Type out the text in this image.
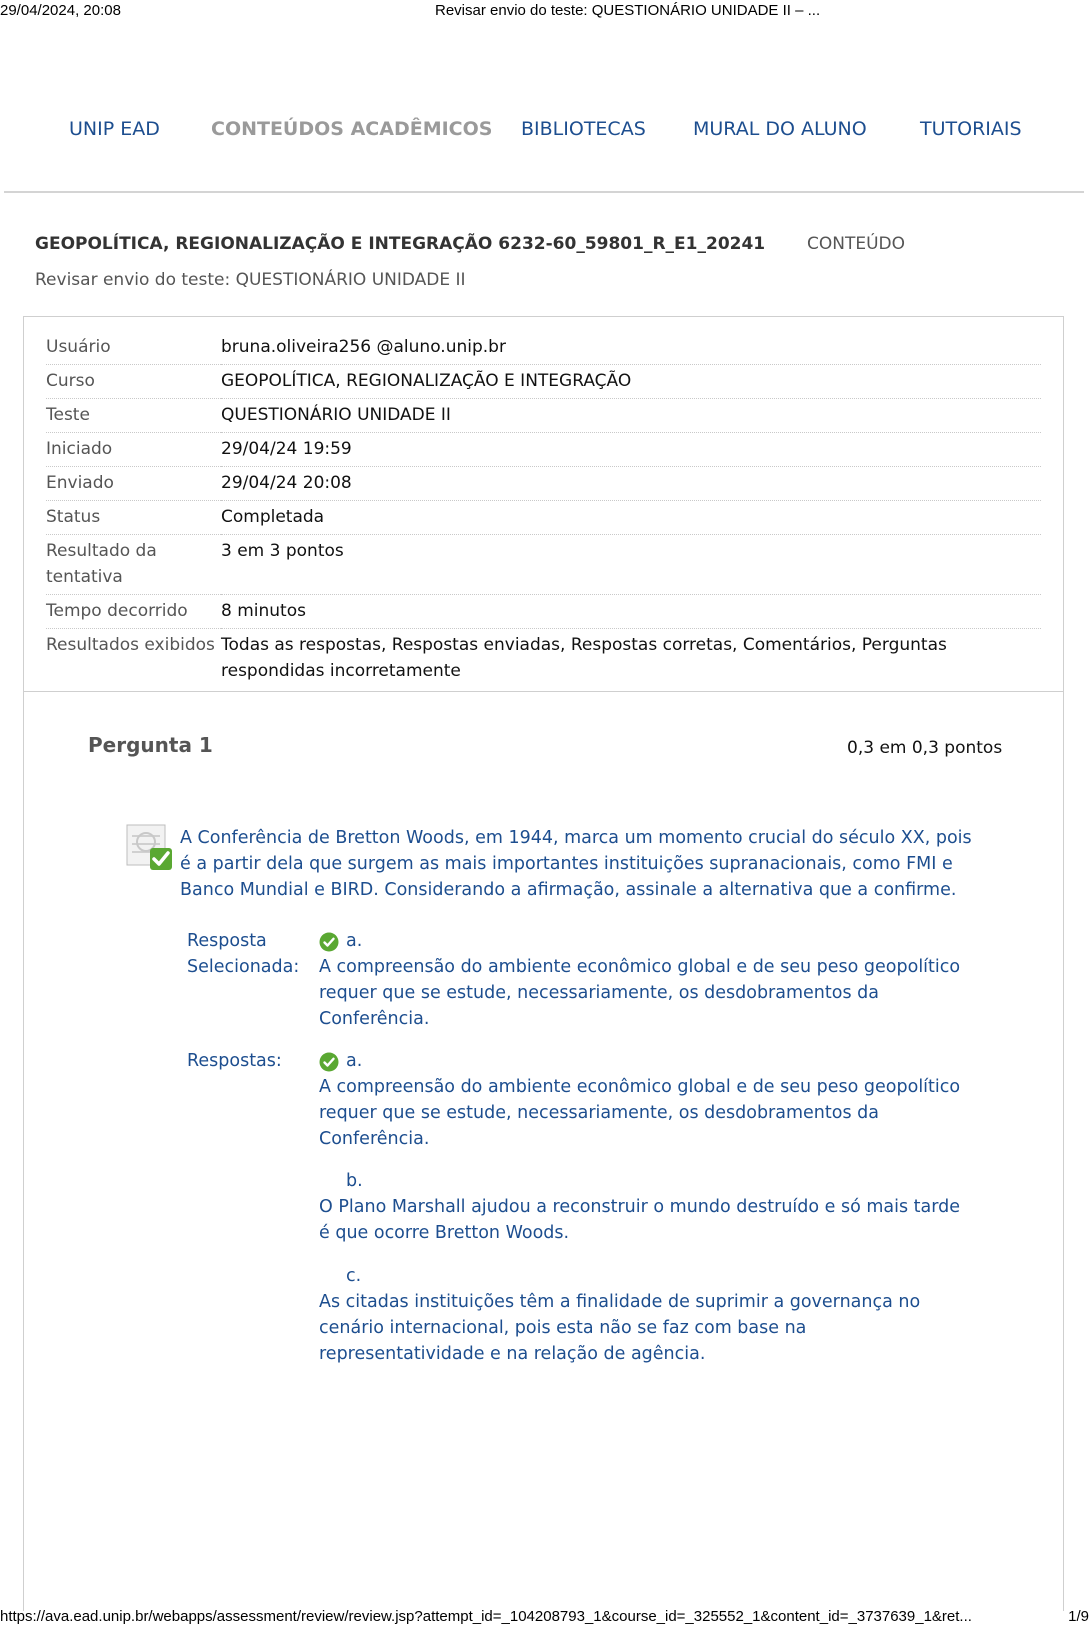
29/04/2024, 20:08	Revisar envio do teste: QUESTIONÁRIO UNIDADE II – ...
UNIP EAD	CONTEÚDOS ACADÊMICOS BIBLIOTECAS MURAL DO ALUNO	TUTORIAIS
GEOPOLÍTICA, REGIONALIZAÇÃO E INTEGRAÇÃO 6232-60_59801_R_E1_20241 CONTEÚDO
Revisar envio do teste: QUESTIONÁRIO UNIDADE II
Usuário	bruna.oliveira256 @aluno.unip.br
Curso	GEOPOLÍTICA, REGIONALIZAÇÃO E INTEGRAÇÃO
Teste	QUESTIONÁRIO UNIDADE II
Iniciado	29/04/24 19:59
Enviado	29/04/24 20:08
Status	Completada
Resultado da tentativa	3 em 3 pontos
Tempo decorrido	8 minutos
Resultados exibidos	Todas as respostas, Respostas enviadas, Respostas corretas, Comentários, Perguntas respondidas incorretamente
Pergunta 1	0,3 em 0,3 pontos
A Conferência de Bretton Woods, em 1944, marca um momento crucial do século XX, pois é a partir dela que surgem as mais importantes instituições supranacionais, como FMI e Banco Mundial e BIRD. Considerando a afirmação, assinale a alternativa que a confirme.
Resposta Selecionada:
a.
A compreensão do ambiente econômico global e de seu peso geopolítico requer que se estude, necessariamente, os desdobramentos da Conferência.
Respostas:	a.
A compreensão do ambiente econômico global e de seu peso geopolítico requer que se estude, necessariamente, os desdobramentos da Conferência.
b.
O Plano Marshall ajudou a reconstruir o mundo destruído e só mais tarde é que ocorre Bretton Woods.
c.
As citadas instituições têm a finalidade de suprimir a governança no cenário internacional, pois esta não se faz com base na representatividade e na relação de agência.
https://ava.ead.unip.br/webapps/assessment/review/review.jsp?attempt_id=_104208793_1&course_id=_325552_1&content_id=_3737639_1&ret...	1/9
